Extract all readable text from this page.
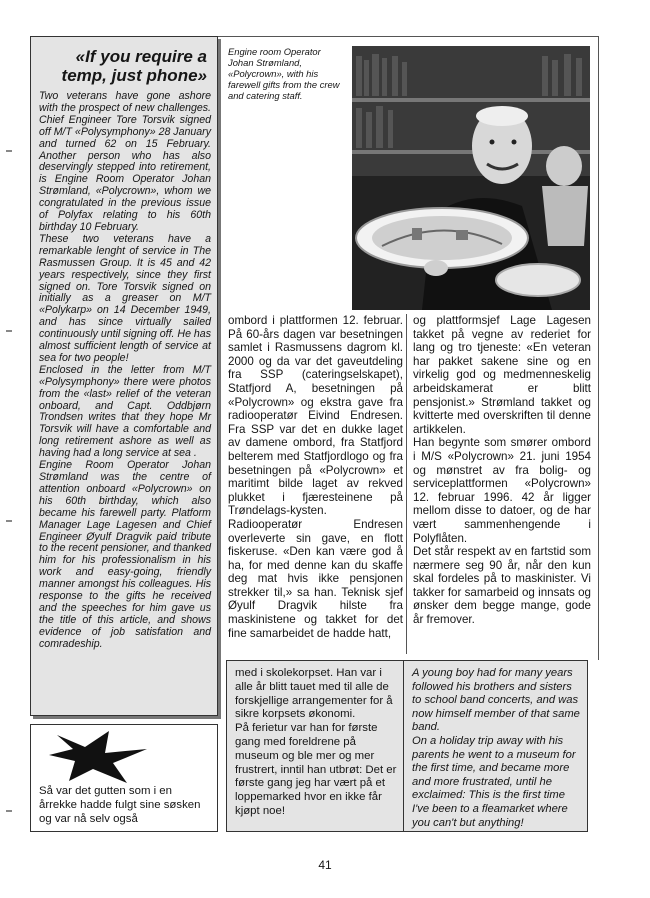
«If you require a temp, just phone»

Two veterans have gone ashore with the prospect of new challenges. Chief Engineer Tore Torsvik signed off M/T «Polysymphony» 28 January and turned 62 on 15 February. Another person who has also deservingly stepped into retirement, is Engine Room Operator Johan Strømland, «Polycrown», whom we congratulated in the previous issue of Polyfax relating to his 60th birthday 10 February.
These two veterans have a remarkable lenght of service in The Rasmussen Group. It is 45 and 42 years respectively, since they first signed on. Tore Torsvik signed on initially as a greaser on M/T «Polykarp» on 14 December 1949, and has since virtually sailed continuously until signing off. He has almost sufficient length of service at sea for two people!
Enclosed in the letter from M/T «Polysymphony» there were photos from the «last» relief of the veteran onboard, and Capt. Oddbjørn Trondsen writes that they hope Mr Torsvik will have a comfortable and long retirement ashore as well as having had a long service at sea .
Engine Room Operator Johan Strømland was the centre of attention onboard «Polycrown» on his 60th birthday, which also became his farewell party. Platform Manager Lage Lagesen and Chief Engineer Øyulf Dragvik paid tribute to the recent pensioner, and thanked him for his professionalism in his work and easy-going, friendly manner amongst his colleagues. His response to the gifts he received and the speeches for him gave us the title of this article, and shows evidence of job satisfation and comradeship.

Engine room Operator Johan Strømland, «Polycrown», with his farewell gifts from the crew and catering staff.

ombord i plattformen 12. februar. På 60-års dagen var besetningen samlet i Rasmussens dagrom kl. 2000 og da var det gaveutdeling fra SSP (cateringselskapet), Statfjord A, besetningen på «Polycrown» og ekstra gave fra radiooperatør Eivind Endresen. Fra SSP var det en dukke laget av damene ombord, fra Statfjord belterem med Statfjordlogo og fra besetningen på «Polycrown» et maritimt bilde laget av rekved plukket i fjæresteinene på Trøndelags-kysten. Radiooperatør Endresen overleverte sin gave, en flott fiskeruse. «Den kan være god å ha, for med denne kan du skaffe deg mat hvis ikke pensjonen strekker til,» sa han. Teknisk sjef Øyulf Dragvik hilste fra maskinistene og takket for det fine samarbeidet de hadde hatt,

og plattformsjef Lage Lagesen takket på vegne av rederiet for lang og tro tjeneste: «En veteran har pakket sakene sine og en virkelig god og medmenneskelig arbeidskamerat er blitt pensjonist.» Strømland takket og kvitterte med overskriften til denne artikkelen.
Han begynte som smører ombord i M/S «Polycrown» 21. juni 1954 og mønstret av fra bolig- og serviceplattformen «Polycrown» 12. februar 1996. 42 år ligger mellom disse to datoer, og de har vært sammenhengende i Polyflåten.
Det står respekt av en fartstid som nærmere seg 90 år, når den kun skal fordeles på to maskinister. Vi takker for samarbeid og innsats og ønsker dem begge mange, gode år fremover.

Så var det gutten som i en årrekke hadde fulgt sine søsken og var nå selv også
med i skolekorpset. Han var i alle år blitt tauet med til alle de forskjellige arrangementer for å sikre korpsets økonomi.
På ferietur var han for første gang med foreldrene på museum og ble mer og mer frustrert, inntil han utbrøt: Det er første gang jeg har vært på et loppemarked hvor en ikke får kjøpt noe!
A young boy had for many years followed his brothers and sisters to school band concerts, and was now himself member of that same band.
On a holiday trip away with his parents he went to a museum for the first time, and became more and more frustrated, until he exclaimed: This is the first time I've been to a fleamarket where you can't but anything!
41
